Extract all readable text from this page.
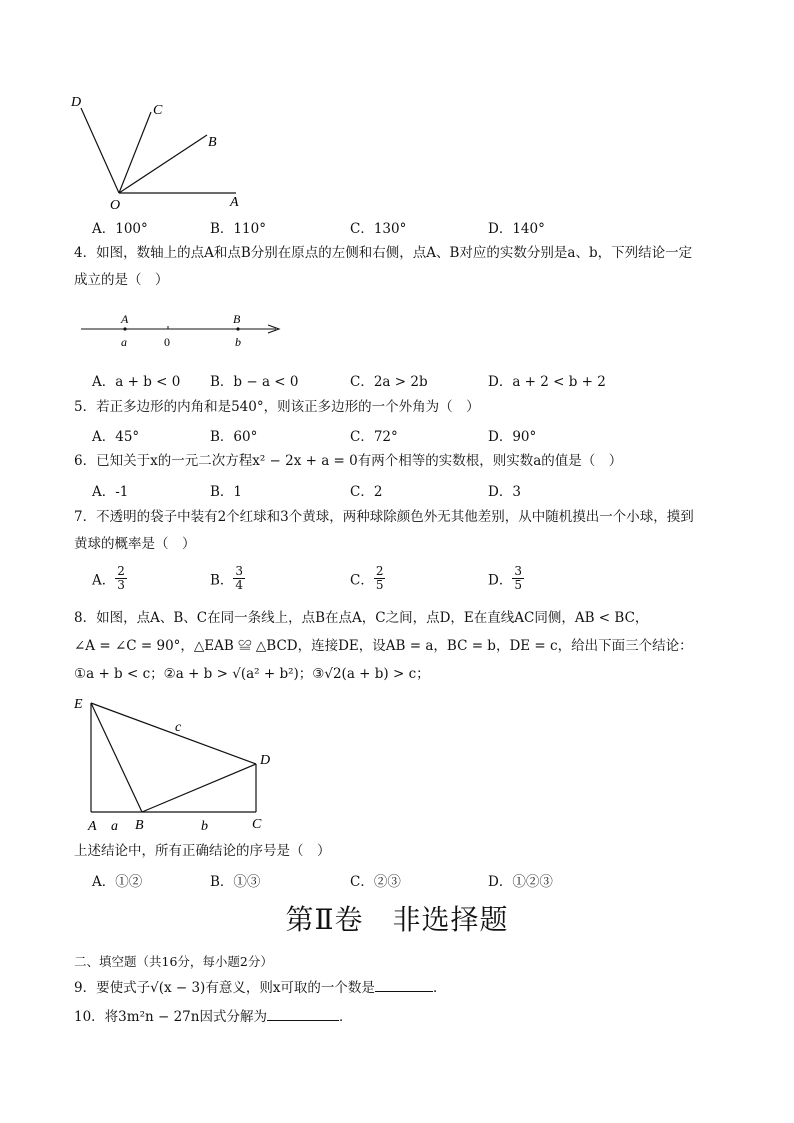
D
C
B
O	A
A．100°	B．110°	C．130°	D．140°
4．如图，数轴上的点A和点B分别在原点的左侧和右侧，点A、B对应的实数分别是a、b，下列结论一定
成立的是（　）
A
a	0
B
b
A．a + b < 0 B．b − a < 0	C．2a > 2b	D．a + 2 < b + 2
5．若正多边形的内角和是540°，则该正多边形的一个外角为（　）
A．45°	B．60°	C．72°	D．90°
6．已知关于x的一元二次方程x² − 2x + a = 0有两个相等的实数根，则实数a的值是（　）
A．-1	B．1	C．2	D．3
7．不透明的袋子中装有2个红球和3个黄球，两种球除颜色外无其他差别，从中随机摸出一个小球，摸到
黄球的概率是（　）
A． $\frac{2}{3}$	B． $\frac{3}{4}$	C． $\frac{2}{5}$	D． $\frac{3}{5}$
8．如图，点A、B、C在同一条线上，点B在点A，C之间，点D，E在直线AC同侧，AB < BC，
∠A = ∠C = 90°，△EAB ≌ △BCD，连接DE，设AB = a，BC = b，DE = c，给出下面三个结论：
①a + b < c；②a + b > √(a² + b²)；③√2(a + b) > c；
E
c
D
A a B	b	C
上述结论中，所有正确结论的序号是（　）
A．①②	B．①③	C．②③	D．①②③
第Ⅱ卷　非选择题
二、填空题（共16分，每小题2分）
9．要使式子√(x − 3)有意义，则x可取的一个数是	．
10．将3m²n − 27n因式分解为	．
